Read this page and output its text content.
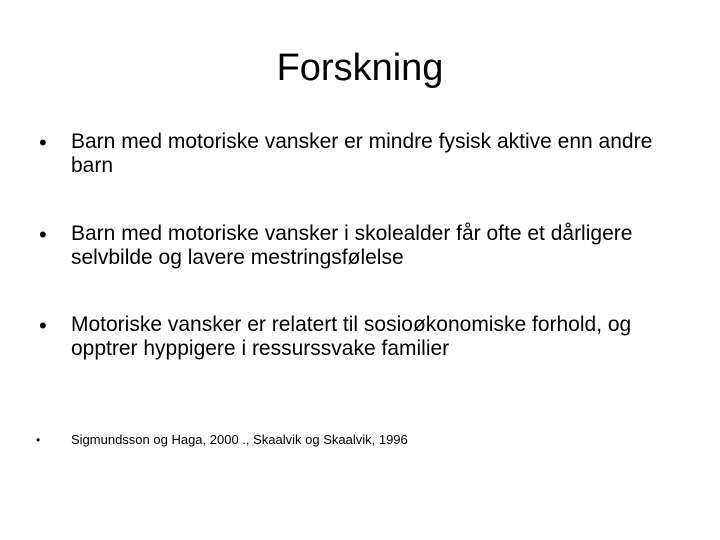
Forskning
•	Barn med motoriske vansker er mindre fysisk aktive enn andre barn
•	Barn med motoriske vansker i skolealder får ofte et dårligere selvbilde og lavere mestringsfølelse
•	Motoriske vansker er relatert til sosioøkonomiske forhold, og opptrer hyppigere i ressurssvake familier
•	Sigmundsson og Haga, 2000 ., Skaalvik og Skaalvik, 1996
